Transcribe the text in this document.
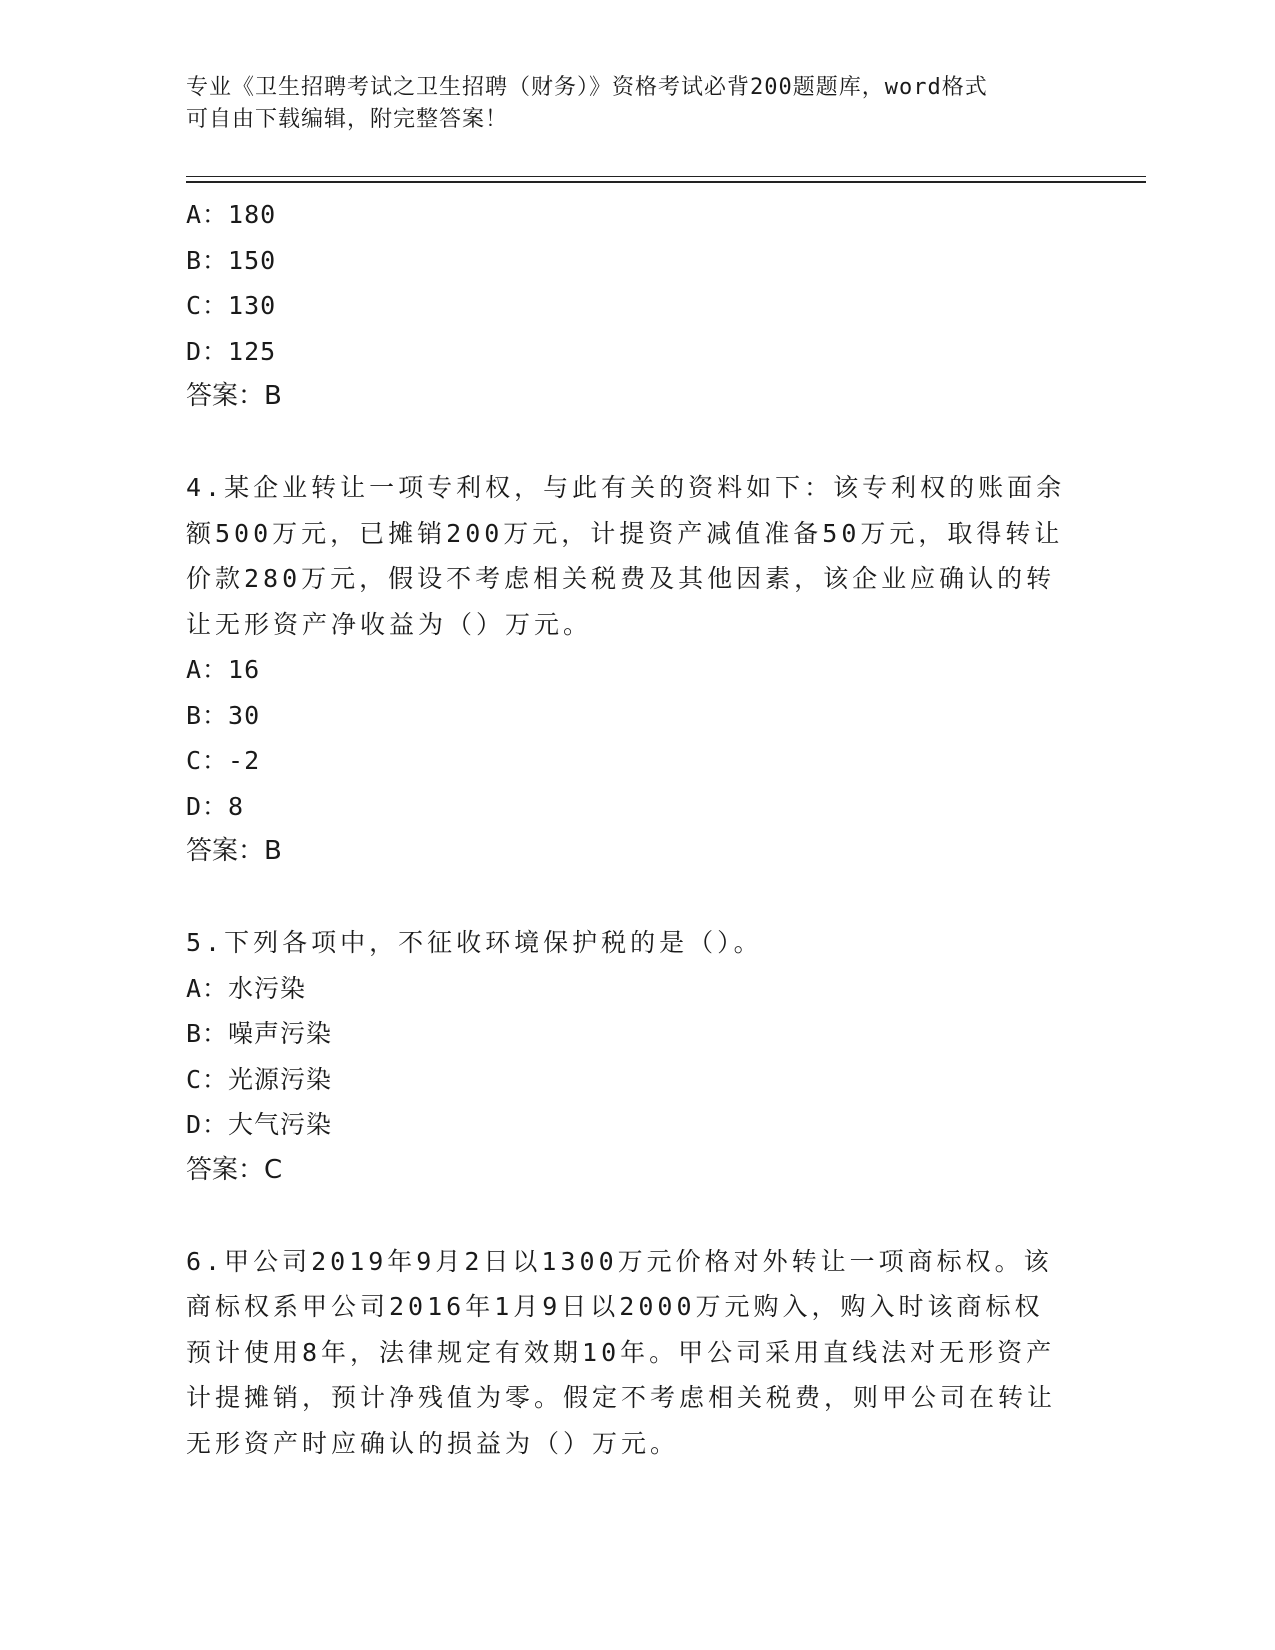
专业《卫生招聘考试之卫生招聘（财务）》资格考试必背200题题库，word格式
可自由下载编辑，附完整答案！
A：180
B：150
C：130
D：125
答案：B
4.某企业转让一项专利权，与此有关的资料如下：该专利权的账面余
额500万元，已摊销200万元，计提资产减值准备50万元，取得转让
价款280万元，假设不考虑相关税费及其他因素，该企业应确认的转
让无形资产净收益为（）万元。
A：16
B：30
C：-2
D：8
答案：B
5.下列各项中，不征收环境保护税的是（）。
A：水污染
B：噪声污染
C：光源污染
D：大气污染
答案：C
6.甲公司2019年9月2日以1300万元价格对外转让一项商标权。该
商标权系甲公司2016年1月9日以2000万元购入，购入时该商标权
预计使用8年，法律规定有效期10年。甲公司采用直线法对无形资产
计提摊销，预计净残值为零。假定不考虑相关税费，则甲公司在转让
无形资产时应确认的损益为（）万元。
